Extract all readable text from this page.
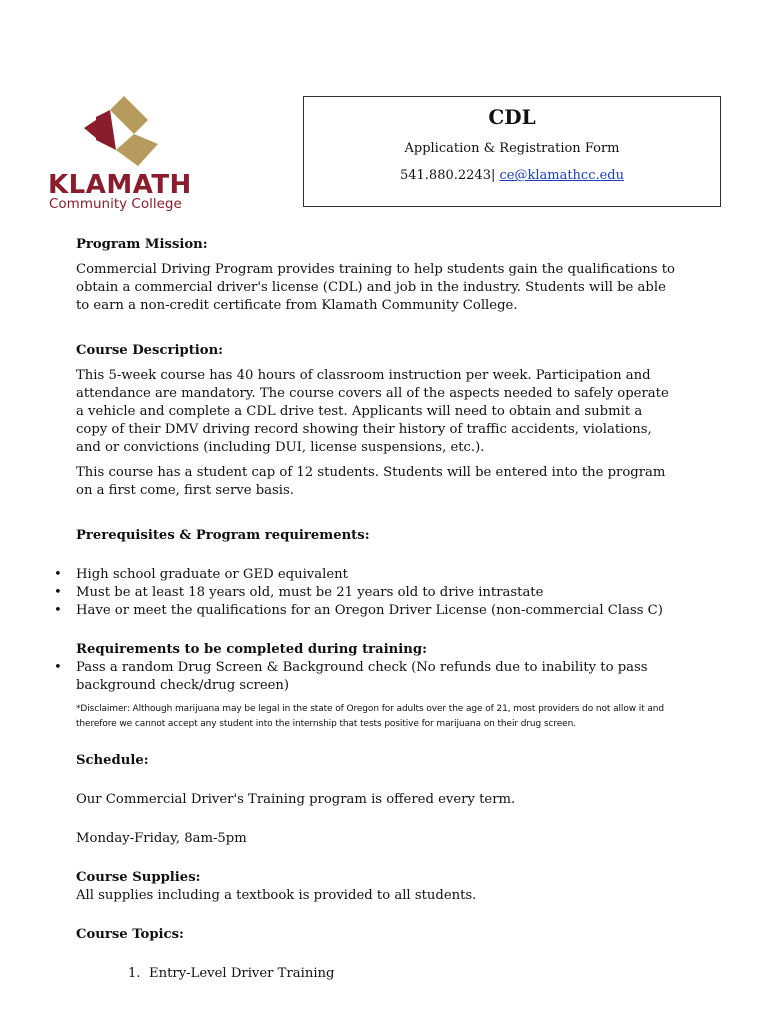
KLAMATH
Community College
CDL
Application & Registration Form
541.880.2243| ce@klamathcc.edu

Program Mission:

Commercial Driving Program provides training to help students gain the qualifications to obtain a commercial driver's license (CDL) and job in the industry. Students will be able to earn a non-credit certificate from Klamath Community College.

Course Description:

This 5-week course has 40 hours of classroom instruction per week. Participation and attendance are mandatory. The course covers all of the aspects needed to safely operate a vehicle and complete a CDL drive test. Applicants will need to obtain and submit a copy of their DMV driving record showing their history of traffic accidents, violations, and or convictions (including DUI, license suspensions, etc.).

This course has a student cap of 12 students. Students will be entered into the program on a first come, first serve basis.

Prerequisites & Program requirements:

• High school graduate or GED equivalent
• Must be at least 18 years old, must be 21 years old to drive intrastate
• Have or meet the qualifications for an Oregon Driver License (non-commercial Class C)

Requirements to be completed during training:

• Pass a random Drug Screen & Background check (No refunds due to inability to pass background check/drug screen)

*Disclaimer: Although marijuana may be legal in the state of Oregon for adults over the age of 21, most providers do not allow it and therefore we cannot accept any student into the internship that tests positive for marijuana on their drug screen.

Schedule:

Our Commercial Driver's Training program is offered every term.

Monday-Friday, 8am-5pm

Course Supplies:

All supplies including a textbook is provided to all students.

Course Topics:

1.  Entry-Level Driver Training
